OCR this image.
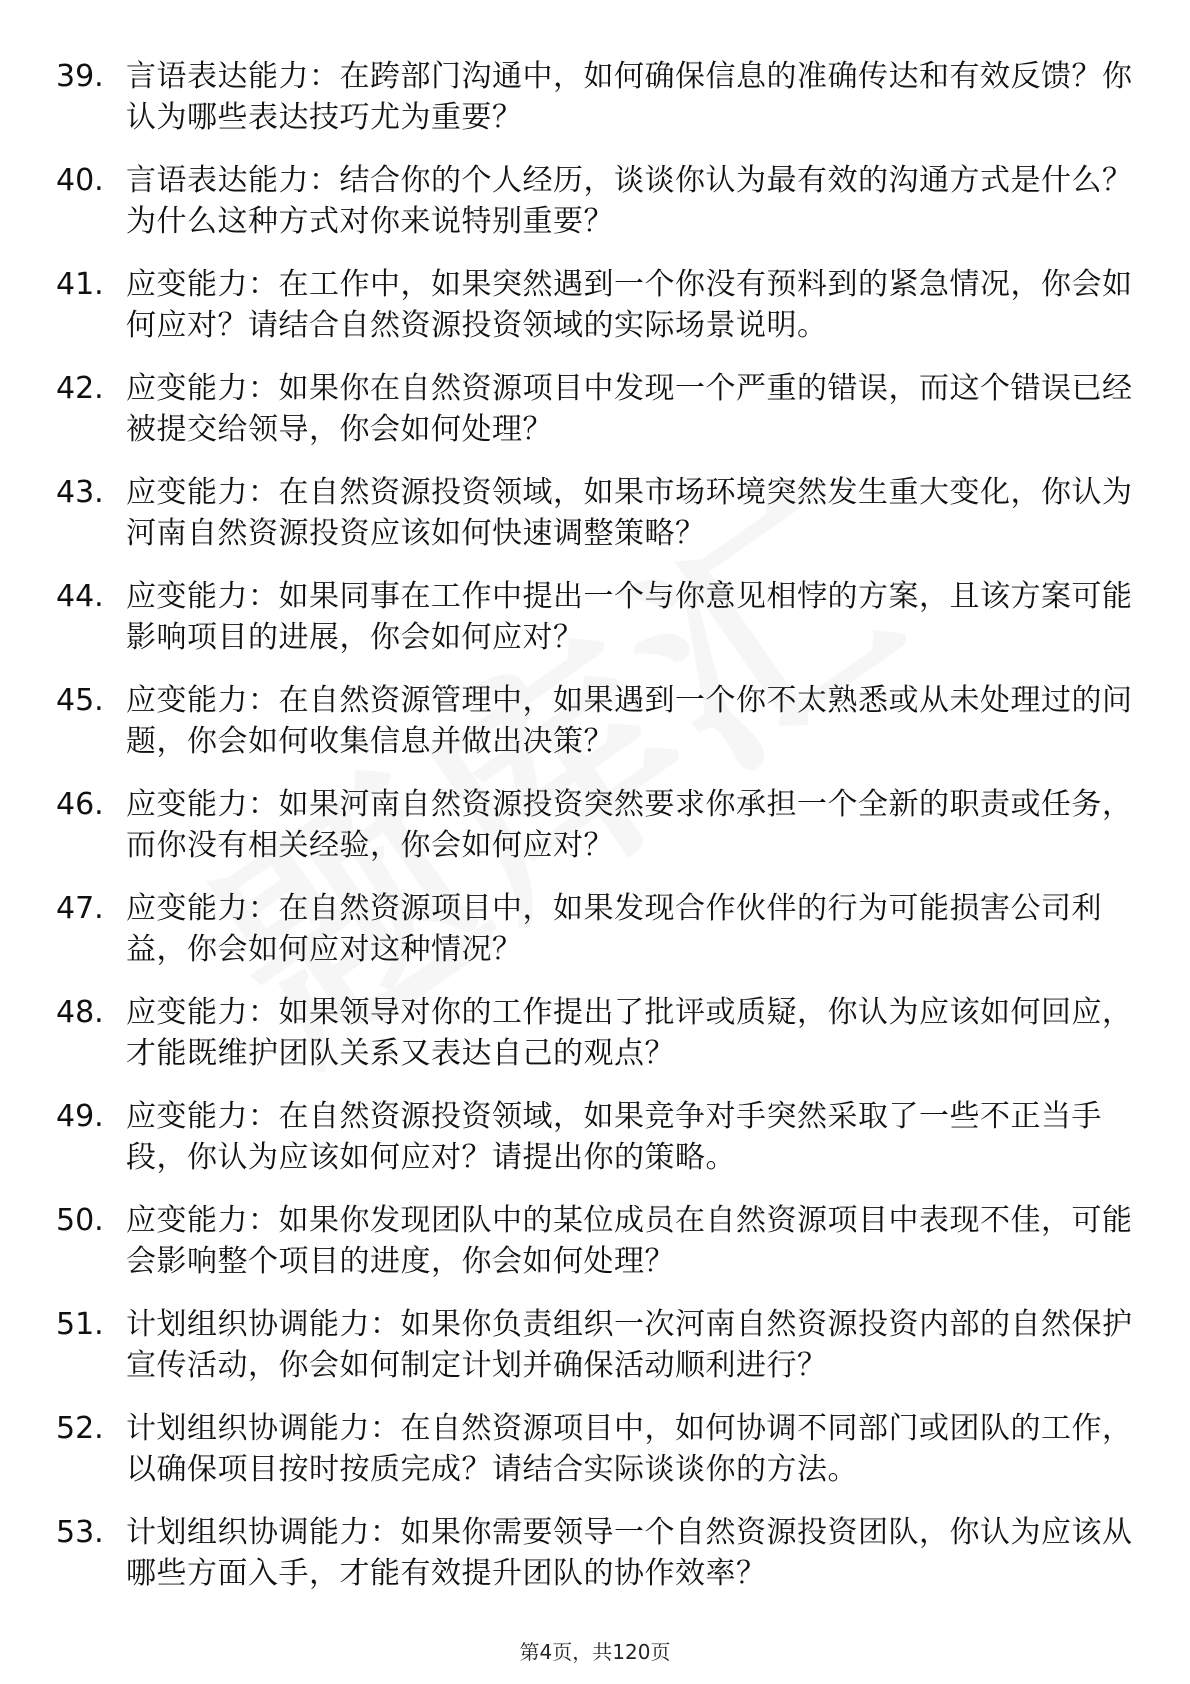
39. 言语表达能力：在跨部门沟通中，如何确保信息的准确传达和有效反馈？你认为哪些表达技巧尤为重要？
40. 言语表达能力：结合你的个人经历，谈谈你认为最有效的沟通方式是什么？为什么这种方式对你来说特别重要？
41. 应变能力：在工作中，如果突然遇到一个你没有预料到的紧急情况，你会如何应对？请结合自然资源投资领域的实际场景说明。
42. 应变能力：如果你在自然资源项目中发现一个严重的错误，而这个错误已经被提交给领导，你会如何处理？
43. 应变能力：在自然资源投资领域，如果市场环境突然发生重大变化，你认为河南自然资源投资应该如何快速调整策略？
44. 应变能力：如果同事在工作中提出一个与你意见相悖的方案，且该方案可能影响项目的进展，你会如何应对？
45. 应变能力：在自然资源管理中，如果遇到一个你不太熟悉或从未处理过的问题，你会如何收集信息并做出决策？
46. 应变能力：如果河南自然资源投资突然要求你承担一个全新的职责或任务，而你没有相关经验，你会如何应对？
47. 应变能力：在自然资源项目中，如果发现合作伙伴的行为可能损害公司利益，你会如何应对这种情况？
48. 应变能力：如果领导对你的工作提出了批评或质疑，你认为应该如何回应，才能既维护团队关系又表达自己的观点？
49. 应变能力：在自然资源投资领域，如果竞争对手突然采取了一些不正当手段，你认为应该如何应对？请提出你的策略。
50. 应变能力：如果你发现团队中的某位成员在自然资源项目中表现不佳，可能会影响整个项目的进度，你会如何处理？
51. 计划组织协调能力：如果你负责组织一次河南自然资源投资内部的自然保护宣传活动，你会如何制定计划并确保活动顺利进行？
52. 计划组织协调能力：在自然资源项目中，如何协调不同部门或团队的工作，以确保项目按时按质完成？请结合实际谈谈你的方法。
53. 计划组织协调能力：如果你需要领导一个自然资源投资团队，你认为应该从哪些方面入手，才能有效提升团队的协作效率？
第4页，共120页
